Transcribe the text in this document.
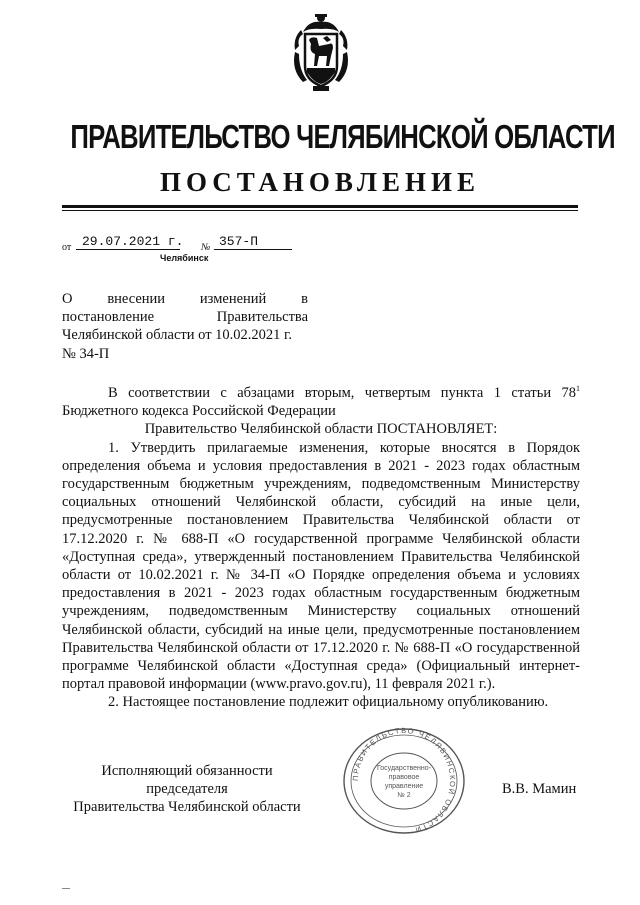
ПРАВИТЕЛЬСТВО ЧЕЛЯБИНСКОЙ ОБЛАСТИ
ПОСТАНОВЛЕНИЕ
от 29.07.2021 г. № 357-П
Челябинск
О внесении изменений в
постановление Правительства
Челябинской области от 10.02.2021 г.
№ 34-П

В соответствии с абзацами вторым, четвертым пункта 1 статьи $78^1$

Бюджетного кодекса Российской Федерации

Правительство Челябинской области ПОСТАНОВЛЯЕТ:

1. Утвердить прилагаемые изменения, которые вносятся в Порядок определения объема и условия предоставления в 2021 - 2023 годах областным государственным бюджетным учреждениям, подведомственным Министерству социальных отношений Челябинской области, субсидий на иные цели, предусмотренные постановлением Правительства Челябинской области от 17.12.2020 г. № 688-П «О государственной программе Челябинской области «Доступная среда», утвержденный постановлением Правительства Челябинской области от 10.02.2021 г. № 34-П «О Порядке определения объема и условиях предоставления в 2021 - 2023 годах областным государственным бюджетным учреждениям, подведомственным Министерству социальных отношений Челябинской области, субсидий на иные цели, предусмотренные постановлением Правительства Челябинской области от 17.12.2020 г. № 688-П «О государственной программе Челябинской области «Доступная среда» (Официальный интернет-портал правовой информации (www.pravo.gov.ru), 11 февраля 2021 г.).

2. Настоящее постановление подлежит официальному опубликованию.

Исполняющий обязанности председателя
Правительства Челябинской области
В.В. Мамин
ПРАВИТЕЛЬСТВО ЧЕЛЯБИНСКОЙ ОБЛАСТИ
Государственно-
правовое
управление
№ 2
